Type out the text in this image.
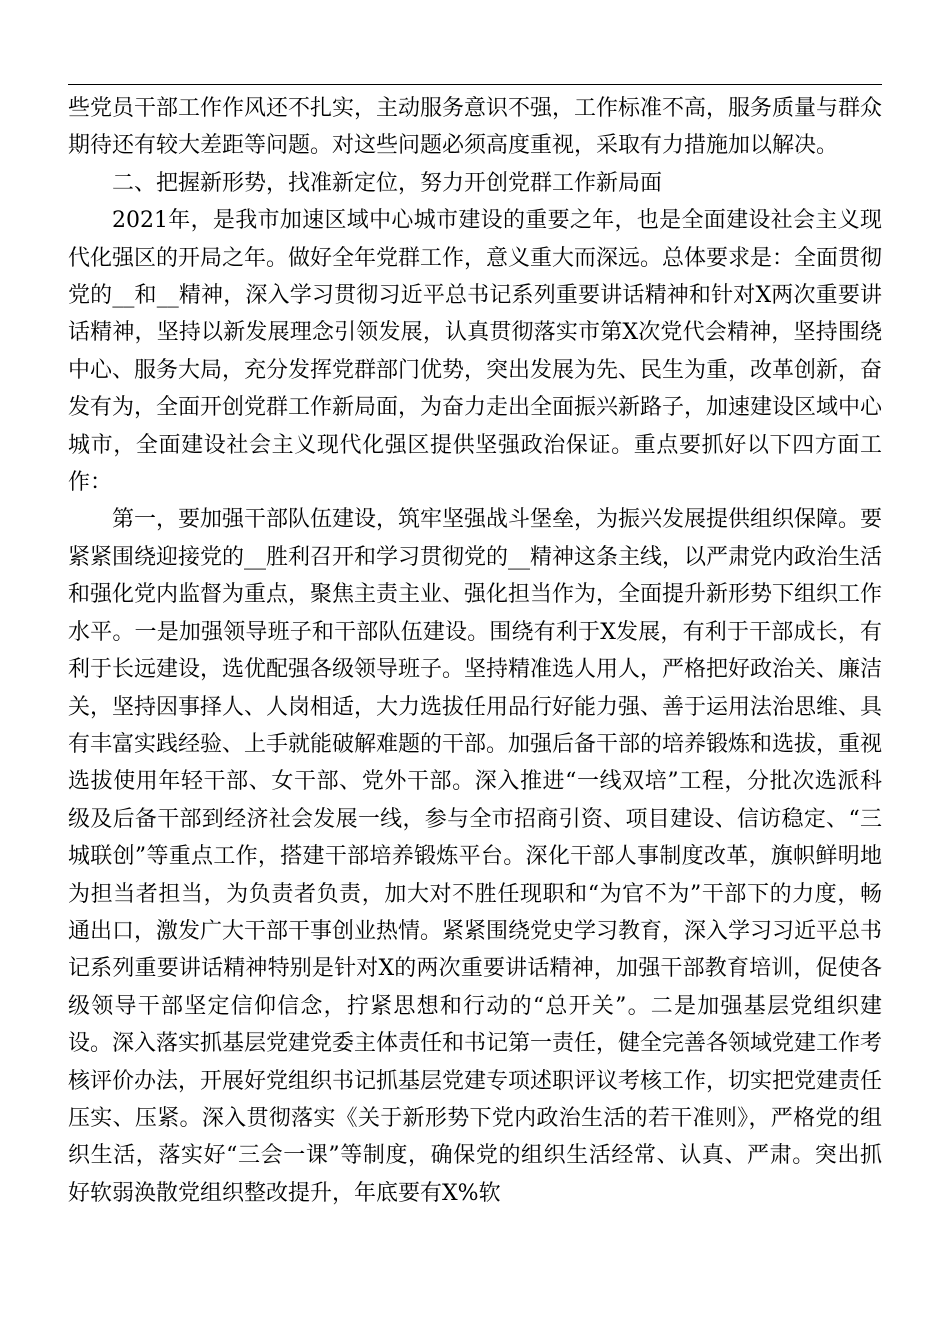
些党员干部工作作风还不扎实，主动服务意识不强，工作标准不高，服务质量与群众期待还有较大差距等问题。对这些问题必须高度重视，采取有力措施加以解决。

二、把握新形势，找准新定位，努力开创党群工作新局面

2021年，是我市加速区域中心城市建设的重要之年，也是全面建设社会主义现代化强区的开局之年。做好全年党群工作，意义重大而深远。总体要求是：全面贯彻党的__和__精神，深入学习贯彻习近平总书记系列重要讲话精神和针对X两次重要讲话精神，坚持以新发展理念引领发展，认真贯彻落实市第X次党代会精神，坚持围绕中心、服务大局，充分发挥党群部门优势，突出发展为先、民生为重，改革创新，奋发有为，全面开创党群工作新局面，为奋力走出全面振兴新路子，加速建设区域中心城市，全面建设社会主义现代化强区提供坚强政治保证。重点要抓好以下四方面工作：

第一，要加强干部队伍建设，筑牢坚强战斗堡垒，为振兴发展提供组织保障。要紧紧围绕迎接党的__胜利召开和学习贯彻党的__精神这条主线，以严肃党内政治生活和强化党内监督为重点，聚焦主责主业、强化担当作为，全面提升新形势下组织工作水平。一是加强领导班子和干部队伍建设。围绕有利于X发展，有利于干部成长，有利于长远建设，选优配强各级领导班子。坚持精准选人用人，严格把好政治关、廉洁关，坚持因事择人、人岗相适，大力选拔任用品行好能力强、善于运用法治思维、具有丰富实践经验、上手就能破解难题的干部。加强后备干部的培养锻炼和选拔，重视选拔使用年轻干部、女干部、党外干部。深入推进“一线双培”工程，分批次选派科级及后备干部到经济社会发展一线，参与全市招商引资、项目建设、信访稳定、“三城联创”等重点工作，搭建干部培养锻炼平台。深化干部人事制度改革，旗帜鲜明地为担当者担当，为负责者负责，加大对不胜任现职和“为官不为”干部下的力度，畅通出口，激发广大干部干事创业热情。紧紧围绕党史学习教育，深入学习习近平总书记系列重要讲话精神特别是针对X的两次重要讲话精神，加强干部教育培训，促使各级领导干部坚定信仰信念，拧紧思想和行动的“总开关”。二是加强基层党组织建设。深入落实抓基层党建党委主体责任和书记第一责任，健全完善各领域党建工作考核评价办法，开展好党组织书记抓基层党建专项述职评议考核工作，切实把党建责任压实、压紧。深入贯彻落实《关于新形势下党内政治生活的若干准则》，严格党的组织生活，落实好“三会一课”等制度，确保党的组织生活经常、认真、严肃。突出抓好软弱涣散党组织整改提升，年底要有X%软
